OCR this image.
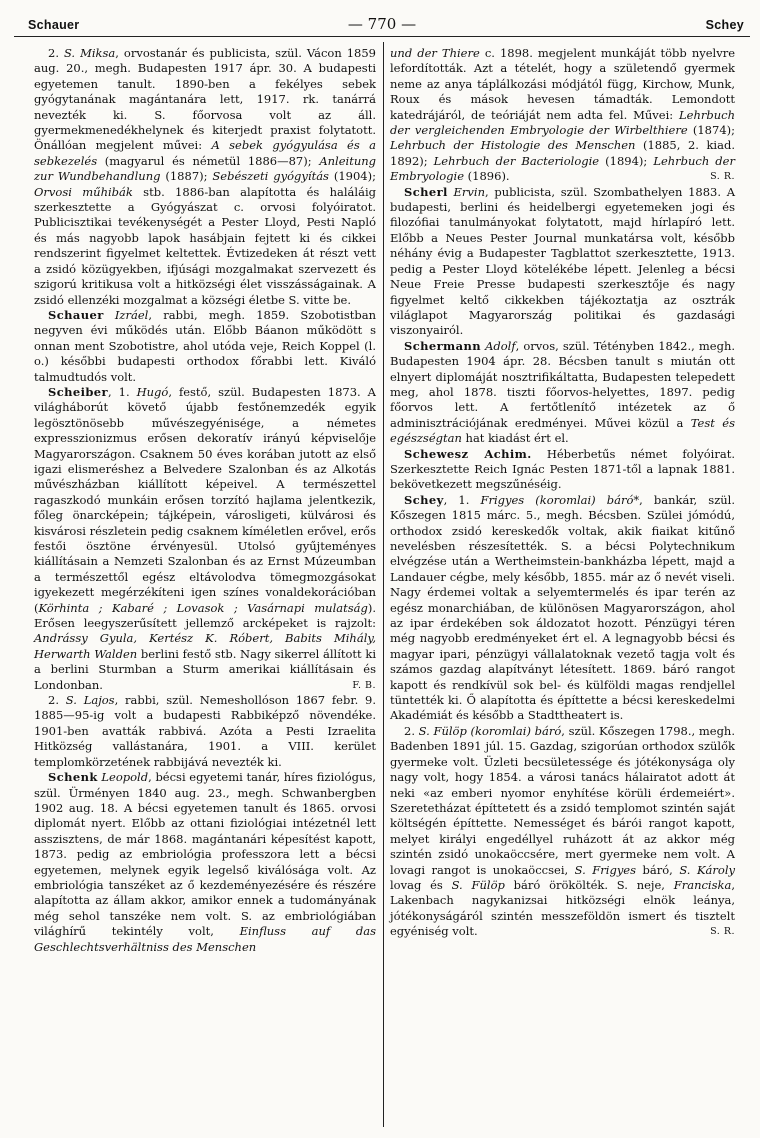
Schauer	— 770 —	Schey

2. S. Miksa, orvostanár és publicista, szül. Vácon 1859 aug. 20., megh. Budapesten 1917 ápr. 30. A budapesti egyetemen tanult. 1890-ben a fekélyes sebek gyógytanának magántanára lett, 1917. rk. tanárrá nevezték ki. S. főorvosa volt az áll. gyermekmenedékhelynek és kiterjedt praxist folytatott. Önállóan megjelent művei: A sebek gyógyulása és a sebkezelés (magyarul és németül 1886—87); Anleitung zur Wundbehandlung (1887); Sebészeti gyógyítás (1904); Orvosi műhibák stb. 1886-ban alapította és haláláig szerkesztette a Gyógyászat c. orvosi folyóiratot. Publicisztikai tevékenységét a Pester Lloyd, Pesti Napló és más nagyobb lapok hasábjain fejtett ki és cikkei rendszerint figyelmet keltettek. Évtizedeken át részt vett a zsidó közügyekben, ifjúsági mozgalmakat szervezett és szigorú kritikusa volt a hitközségi élet visszásságainak. A zsidó ellenzéki mozgalmat a községi életbe S. vitte be.

Schauer Izráel, rabbi, megh. 1859. Szobotistban negyven évi működés után. Előbb Báanon működött s onnan ment Szobotistre, ahol utóda veje, Reich Koppel (l. o.) későbbi budapesti orthodox főrabbi lett. Kiváló talmudtudós volt.

Scheiber, 1. Hugó, festő, szül. Budapesten 1873. A világháborút követő újabb festőnemzedék egyik legösztönösebb művészegyénisége, a németes expresszionizmus erősen dekoratív irányú képviselője Magyarországon. Csaknem 50 éves korában jutott az első igazi elismeréshez a Belvedere Szalonban és az Alkotás művészházban kiállított képeivel. A természettel ragaszkodó munkáin erősen torzító hajlama jelentkezik, főleg önarcképein; tájképein, városligeti, külvárosi és kisvárosi részletein pedig csaknem kíméletlen erővel, erős festői ösztöne érvényesül. Utolsó gyűjteményes kiállításain a Nemzeti Szalonban és az Ernst Múzeumban a természettől egész eltávolodva tömegmozgásokat igyekezett megérzékíteni igen színes vonaldekorációban (Körhinta ; Kabaré ; Lovasok ; Vasárnapi mulatság). Erősen leegyszerűsített jellemző arcképeket is rajzolt: Andrássy Gyula, Kertész K. Róbert, Babits Mihály, Herwarth Walden berlini festő stb. Nagy sikerrel állított ki a berlini Sturmban a Sturm amerikai kiállításain és Londonban.	F. B.

2. S. Lajos, rabbi, szül. Nemeshollóson 1867 febr. 9. 1885—95-ig volt a budapesti Rabbiképző növendéke. 1901-ben avatták rabbivá. Azóta a Pesti Izraelita Hitközség vallástanára, 1901. a VIII. kerület templomkörzetének rabbijává nevezték ki.

Schenk Leopold, bécsi egyetemi tanár, híres fiziológus, szül. Ürményen 1840 aug. 23., megh. Schwanbergben 1902 aug. 18. A bécsi egyetemen tanult és 1865. orvosi diplomát nyert. Előbb az ottani fiziológiai intézetnél lett asszisztens, de már 1868. magántanári képesítést kapott, 1873. pedig az embriológia professzora lett a bécsi egyetemen, melynek egyik legelső kiválósága volt. Az embriológia tanszéket az ő kezdeményezésére és részére alapította az állam akkor, amikor ennek a tudományának még sehol tanszéke nem volt. S. az embriológiában világhírű tekintély volt, Einfluss auf das Geschlechtsverhältniss des Menschen

und der Thiere c. 1898. megjelent munkáját több nyelvre lefordították. Azt a tételét, hogy a születendő gyermek neme az anya táplálkozási módjától függ, Kirchow, Munk, Roux és mások hevesen támadták. Lemondott katedrájáról, de teóriáját nem adta fel. Művei: Lehrbuch der vergleichenden Embryologie der Wirbelthiere (1874); Lehrbuch der Histologie des Menschen (1885, 2. kiad. 1892); Lehrbuch der Bacteriologie (1894); Lehrbuch der Embryologie (1896).	S. R.

Scherl Ervin, publicista, szül. Szombathelyen 1883. A budapesti, berlini és heidelbergi egyetemeken jogi és filozófiai tanulmányokat folytatott, majd hírlapíró lett. Előbb a Neues Pester Journal munkatársa volt, később néhány évig a Budapester Tagblattot szerkesztette, 1913. pedig a Pester Lloyd kötelékébe lépett. Jelenleg a bécsi Neue Freie Presse budapesti szerkesztője és nagy figyelmet keltő cikkekben tájékoztatja az osztrák világlapot Magyarország politikai és gazdasági viszonyairól.

Schermann Adolf, orvos, szül. Tétényben 1842., megh. Budapesten 1904 ápr. 28. Bécsben tanult s miután ott elnyert diplomáját nosztrifikáltatta, Budapesten telepedett meg, ahol 1878. tiszti főorvos-helyettes, 1897. pedig főorvos lett. A fertőtlenítő intézetek az ő adminisztrációjának eredményei. Művei közül a Test és egészségtan hat kiadást ért el.

Schewesz Achim. Héberbetűs német folyóirat. Szerkesztette Reich Ignác Pesten 1871-től a lapnak 1881. bekövetkezett megszűnéséig.

Schey, 1. Frigyes (koromlai) báró*, bankár, szül. Kőszegen 1815 márc. 5., megh. Bécsben. Szülei jómódú, orthodox zsidó kereskedők voltak, akik fiaikat kitűnő nevelésben részesítették. S. a bécsi Polytechnikum elvégzése után a Wertheimstein-bankházba lépett, majd a Landauer cégbe, mely később, 1855. már az ő nevét viseli. Nagy érdemei voltak a selyemtermelés és ipar terén az egész monarchiában, de különösen Magyarországon, ahol az ipar érdekében sok áldozatot hozott. Pénzügyi téren még nagyobb eredményeket ért el. A legnagyobb bécsi és magyar ipari, pénzügyi vállalatoknak vezető tagja volt és számos gazdag alapítványt létesített. 1869. báró rangot kapott és rendkívül sok bel- és külföldi magas rendjellel tüntették ki. Ő alapította és építtette a bécsi kereskedelmi Akadémiát és később a Stadttheatert is.

2. S. Fülöp (koromlai) báró, szül. Kőszegen 1798., megh. Badenben 1891 júl. 15. Gazdag, szigorúan orthodox szülők gyermeke volt. Üzleti becsületessége és jótékonysága oly nagy volt, hogy 1854. a városi tanács hálairatot adott át neki «az emberi nyomor enyhítése körüli érdemeiért». Szeretetházat építtetett és a zsidó templomot szintén saját költségén építtette. Nemességet és bárói rangot kapott, melyet királyi engedéllyel ruházott át az akkor még szintén zsidó unokaöccsére, mert gyermeke nem volt. A lovagi rangot is unokaöccsei, S. Frigyes báró, S. Károly lovag és S. Fülöp báró örökölték. S. neje, Franciska, Lakenbach nagykanizsai hitközségi elnök leánya, jótékonyságáról szintén messzeföldön ismert és tisztelt egyéniség volt.	S. R.
